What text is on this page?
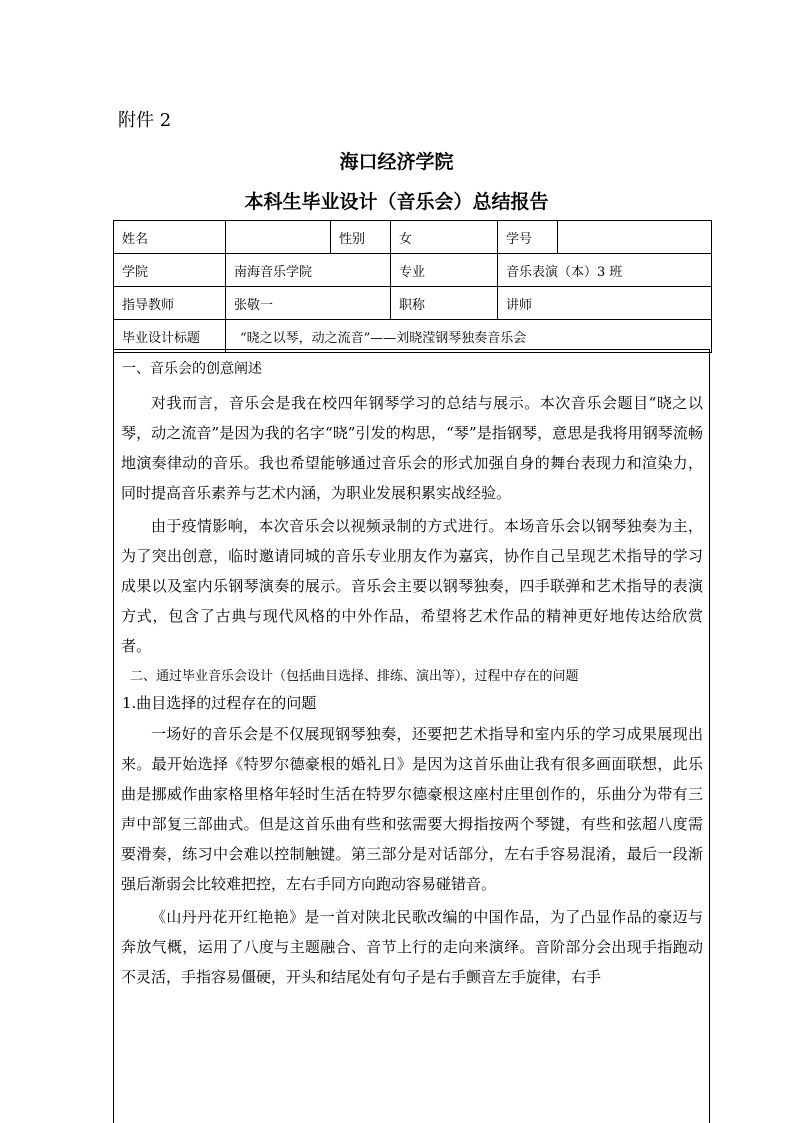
附件 2
海口经济学院
本科生毕业设计（音乐会）总结报告
姓名		性别	女	学号	
学院	南海音乐学院		专业	音乐表演（本）3 班	
指导教师	张敬一		职称	讲师	
毕业设计标题	“晓之以琴，动之流音”——刘晓滢钢琴独奏音乐会				
一、音乐会的创意阐述

对我而言，音乐会是我在校四年钢琴学习的总结与展示。本次音乐会题目“晓之以琴，动之流音”是因为我的名字“晓”引发的构思，“琴”是指钢琴，意思是我将用钢琴流畅地演奏律动的音乐。我也希望能够通过音乐会的形式加强自身的舞台表现力和渲染力，同时提高音乐素养与艺术内涵，为职业发展积累实战经验。

由于疫情影响，本次音乐会以视频录制的方式进行。本场音乐会以钢琴独奏为主，为了突出创意，临时邀请同城的音乐专业朋友作为嘉宾，协作自己呈现艺术指导的学习成果以及室内乐钢琴演奏的展示。音乐会主要以钢琴独奏，四手联弹和艺术指导的表演方式，包含了古典与现代风格的中外作品，希望将艺术作品的精神更好地传达给欣赏者。

二、通过毕业音乐会设计（包括曲目选择、排练、演出等），过程中存在的问题
1.曲目选择的过程存在的问题

一场好的音乐会是不仅展现钢琴独奏，还要把艺术指导和室内乐的学习成果展现出来。最开始选择《特罗尔德豪根的婚礼日》是因为这首乐曲让我有很多画面联想，此乐曲是挪威作曲家格里格年轻时生活在特罗尔德豪根这座村庄里创作的，乐曲分为带有三声中部复三部曲式。但是这首乐曲有些和弦需要大拇指按两个琴键，有些和弦超八度需要滑奏，练习中会难以控制触键。第三部分是对话部分，左右手容易混淆，最后一段渐强后渐弱会比较难把控，左右手同方向跑动容易碰错音。

《山丹丹花开红艳艳》是一首对陕北民歌改编的中国作品，为了凸显作品的豪迈与奔放气概，运用了八度与主题融合、音节上行的走向来演绎。音阶部分会出现手指跑动不灵活，手指容易僵硬，开头和结尾处有句子是右手颤音左手旋律，右手
